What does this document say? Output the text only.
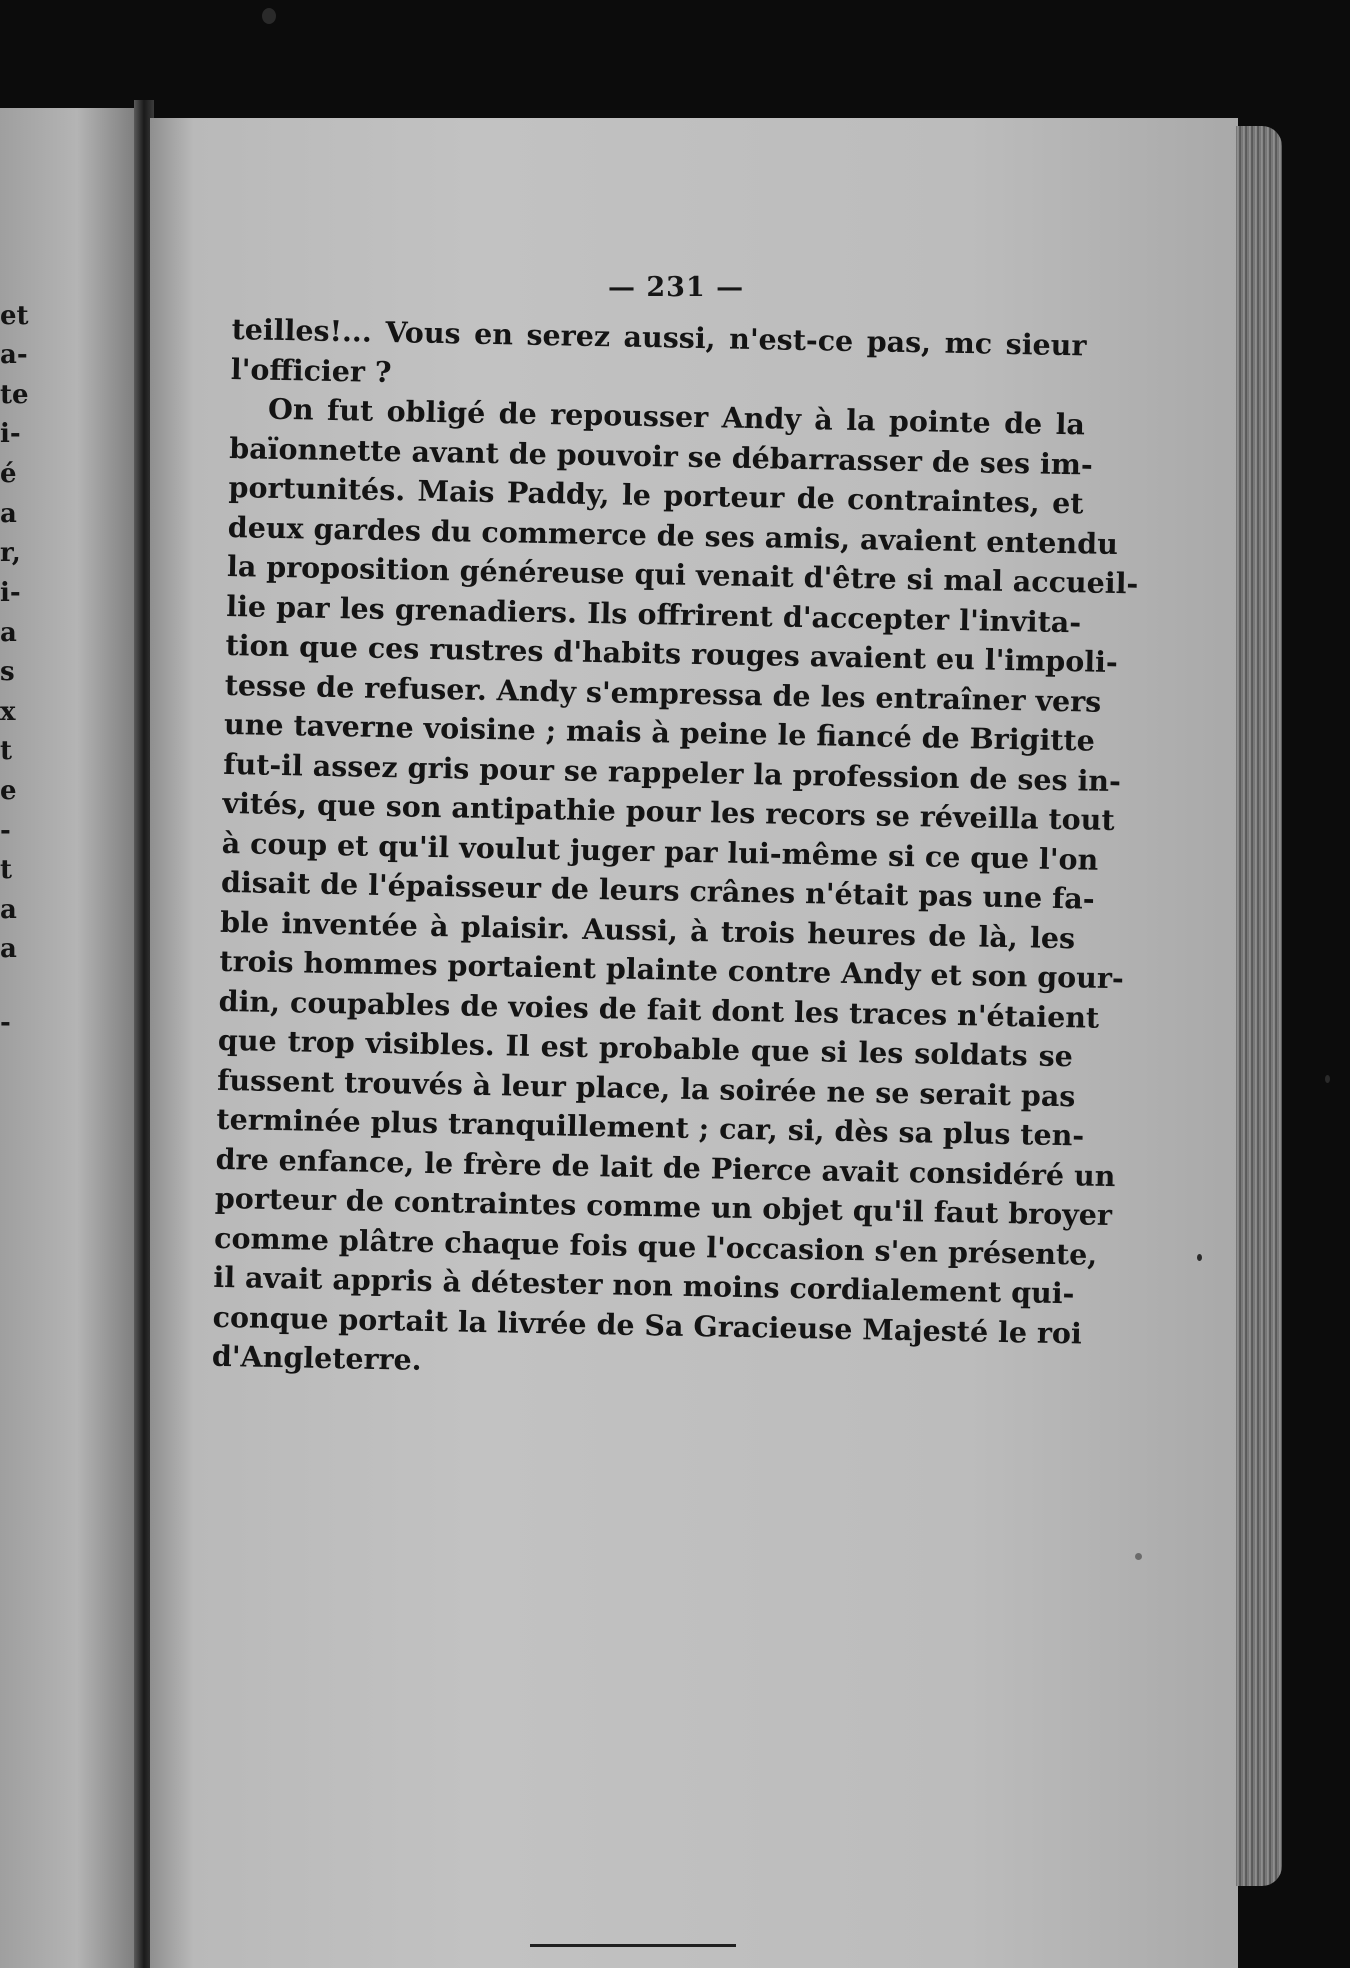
— 231 —
teilles!... Vous en serez aussi, n'est-ce pas, mc sieur
l'officier ?
On fut obligé de repousser Andy à la pointe de la
baïonnette avant de pouvoir se débarrasser de ses im-
portunités. Mais Paddy, le porteur de contraintes, et
deux gardes du commerce de ses amis, avaient entendu
la proposition généreuse qui venait d'être si mal accueil-
lie par les grenadiers. Ils offrirent d'accepter l'invita-
tion que ces rustres d'habits rouges avaient eu l'impoli-
tesse de refuser. Andy s'empressa de les entraîner vers
une taverne voisine ; mais à peine le fiancé de Brigitte
fut-il assez gris pour se rappeler la profession de ses in-
vités, que son antipathie pour les recors se réveilla tout
à coup et qu'il voulut juger par lui-même si ce que l'on
disait de l'épaisseur de leurs crânes n'était pas une fa-
ble inventée à plaisir. Aussi, à trois heures de là, les
trois hommes portaient plainte contre Andy et son gour-
din, coupables de voies de fait dont les traces n'étaient
que trop visibles. Il est probable que si les soldats se
fussent trouvés à leur place, la soirée ne se serait pas
terminée plus tranquillement ; car, si, dès sa plus ten-
dre enfance, le frère de lait de Pierce avait considéré un
porteur de contraintes comme un objet qu'il faut broyer
comme plâtre chaque fois que l'occasion s'en présente,
il avait appris à détester non moins cordialement qui-
conque portait la livrée de Sa Gracieuse Majesté le roi
d'Angleterre.
et
a-
te
i-
é
a
r,
i-
a
s
x
t
e
-
t
a
a
-
